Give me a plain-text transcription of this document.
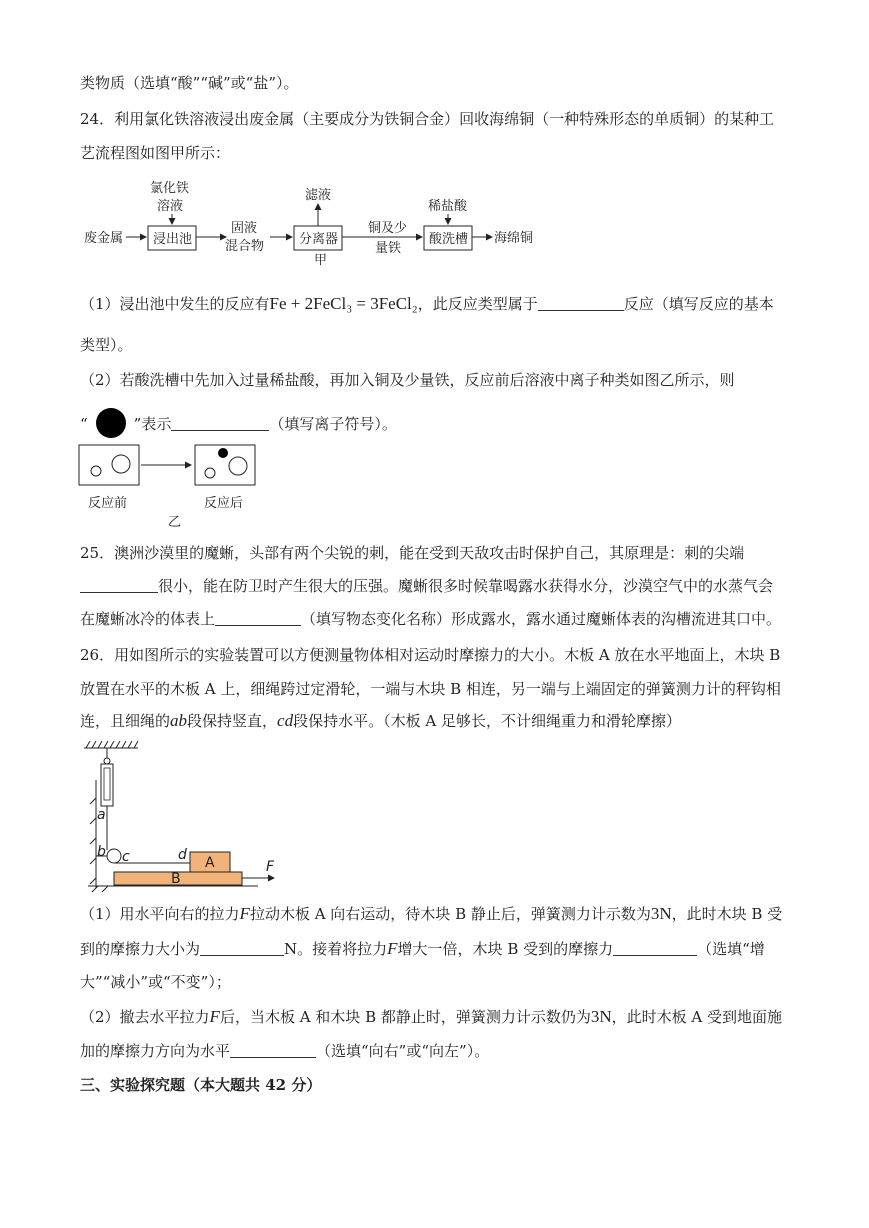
类物质（选填“酸”“碱”或“盐”）。
24．利用氯化铁溶液浸出废金属（主要成分为铁铜合金）回收海绵铜（一种特殊形态的单质铜）的某种工
艺流程图如图甲所示：
废金属 浸出池
氯化铁
溶液
固液
混合物	分离器
滤液
甲
铜及少
量铁
酸洗槽
稀盐酸
海绵铜
（1）浸出池中发生的反应有Fe + 2FeCl₃ = 3FeCl₂，此反应类型属于	反应（填写反应的基本
类型）。
（2）若酸洗槽中先加入过量稀盐酸，再加入铜及少量铁，反应前后溶液中离子种类如图乙所示，则
“	”表示	（填写离子符号）。
反应前	反应后
乙
25．澳洲沙漠里的魔蜥，头部有两个尖锐的刺，能在受到天敌攻击时保护自己，其原理是：刺的尖端
很小，能在防卫时产生很大的压强。魔蜥很多时候靠喝露水获得水分，沙漠空气中的水蒸气会
在魔蜥冰冷的体表上	（填写物态变化名称）形成露水，露水通过魔蜥体表的沟槽流进其口中。
26．用如图所示的实验装置可以方便测量物体相对运动时摩擦力的大小。木板 A 放在水平地面上，木块 B
放置在水平的木板 A 上，细绳跨过定滑轮，一端与木块 B 相连，另一端与上端固定的弹簧测力计的秤钩相
连，且细绳的ab段保持竖直，cd段保持水平。（木板 A 足够长，不计细绳重力和滑轮摩擦）
a
b c	d
F
A
B
（1）用水平向右的拉力F拉动木板 A 向右运动，待木块 B 静止后，弹簧测力计示数为3N，此时木块 B 受
到的摩擦力大小为	N。接着将拉力F增大一倍，木块 B 受到的摩擦力	（选填“增
大”“减小”或“不变”）；
（2）撤去水平拉力F后，当木板 A 和木块 B 都静止时，弹簧测力计示数仍为3N，此时木板 A 受到地面施
加的摩擦力方向为水平	（选填“向右”或“向左”）。
三、实验探究题（本大题共 42 分）
